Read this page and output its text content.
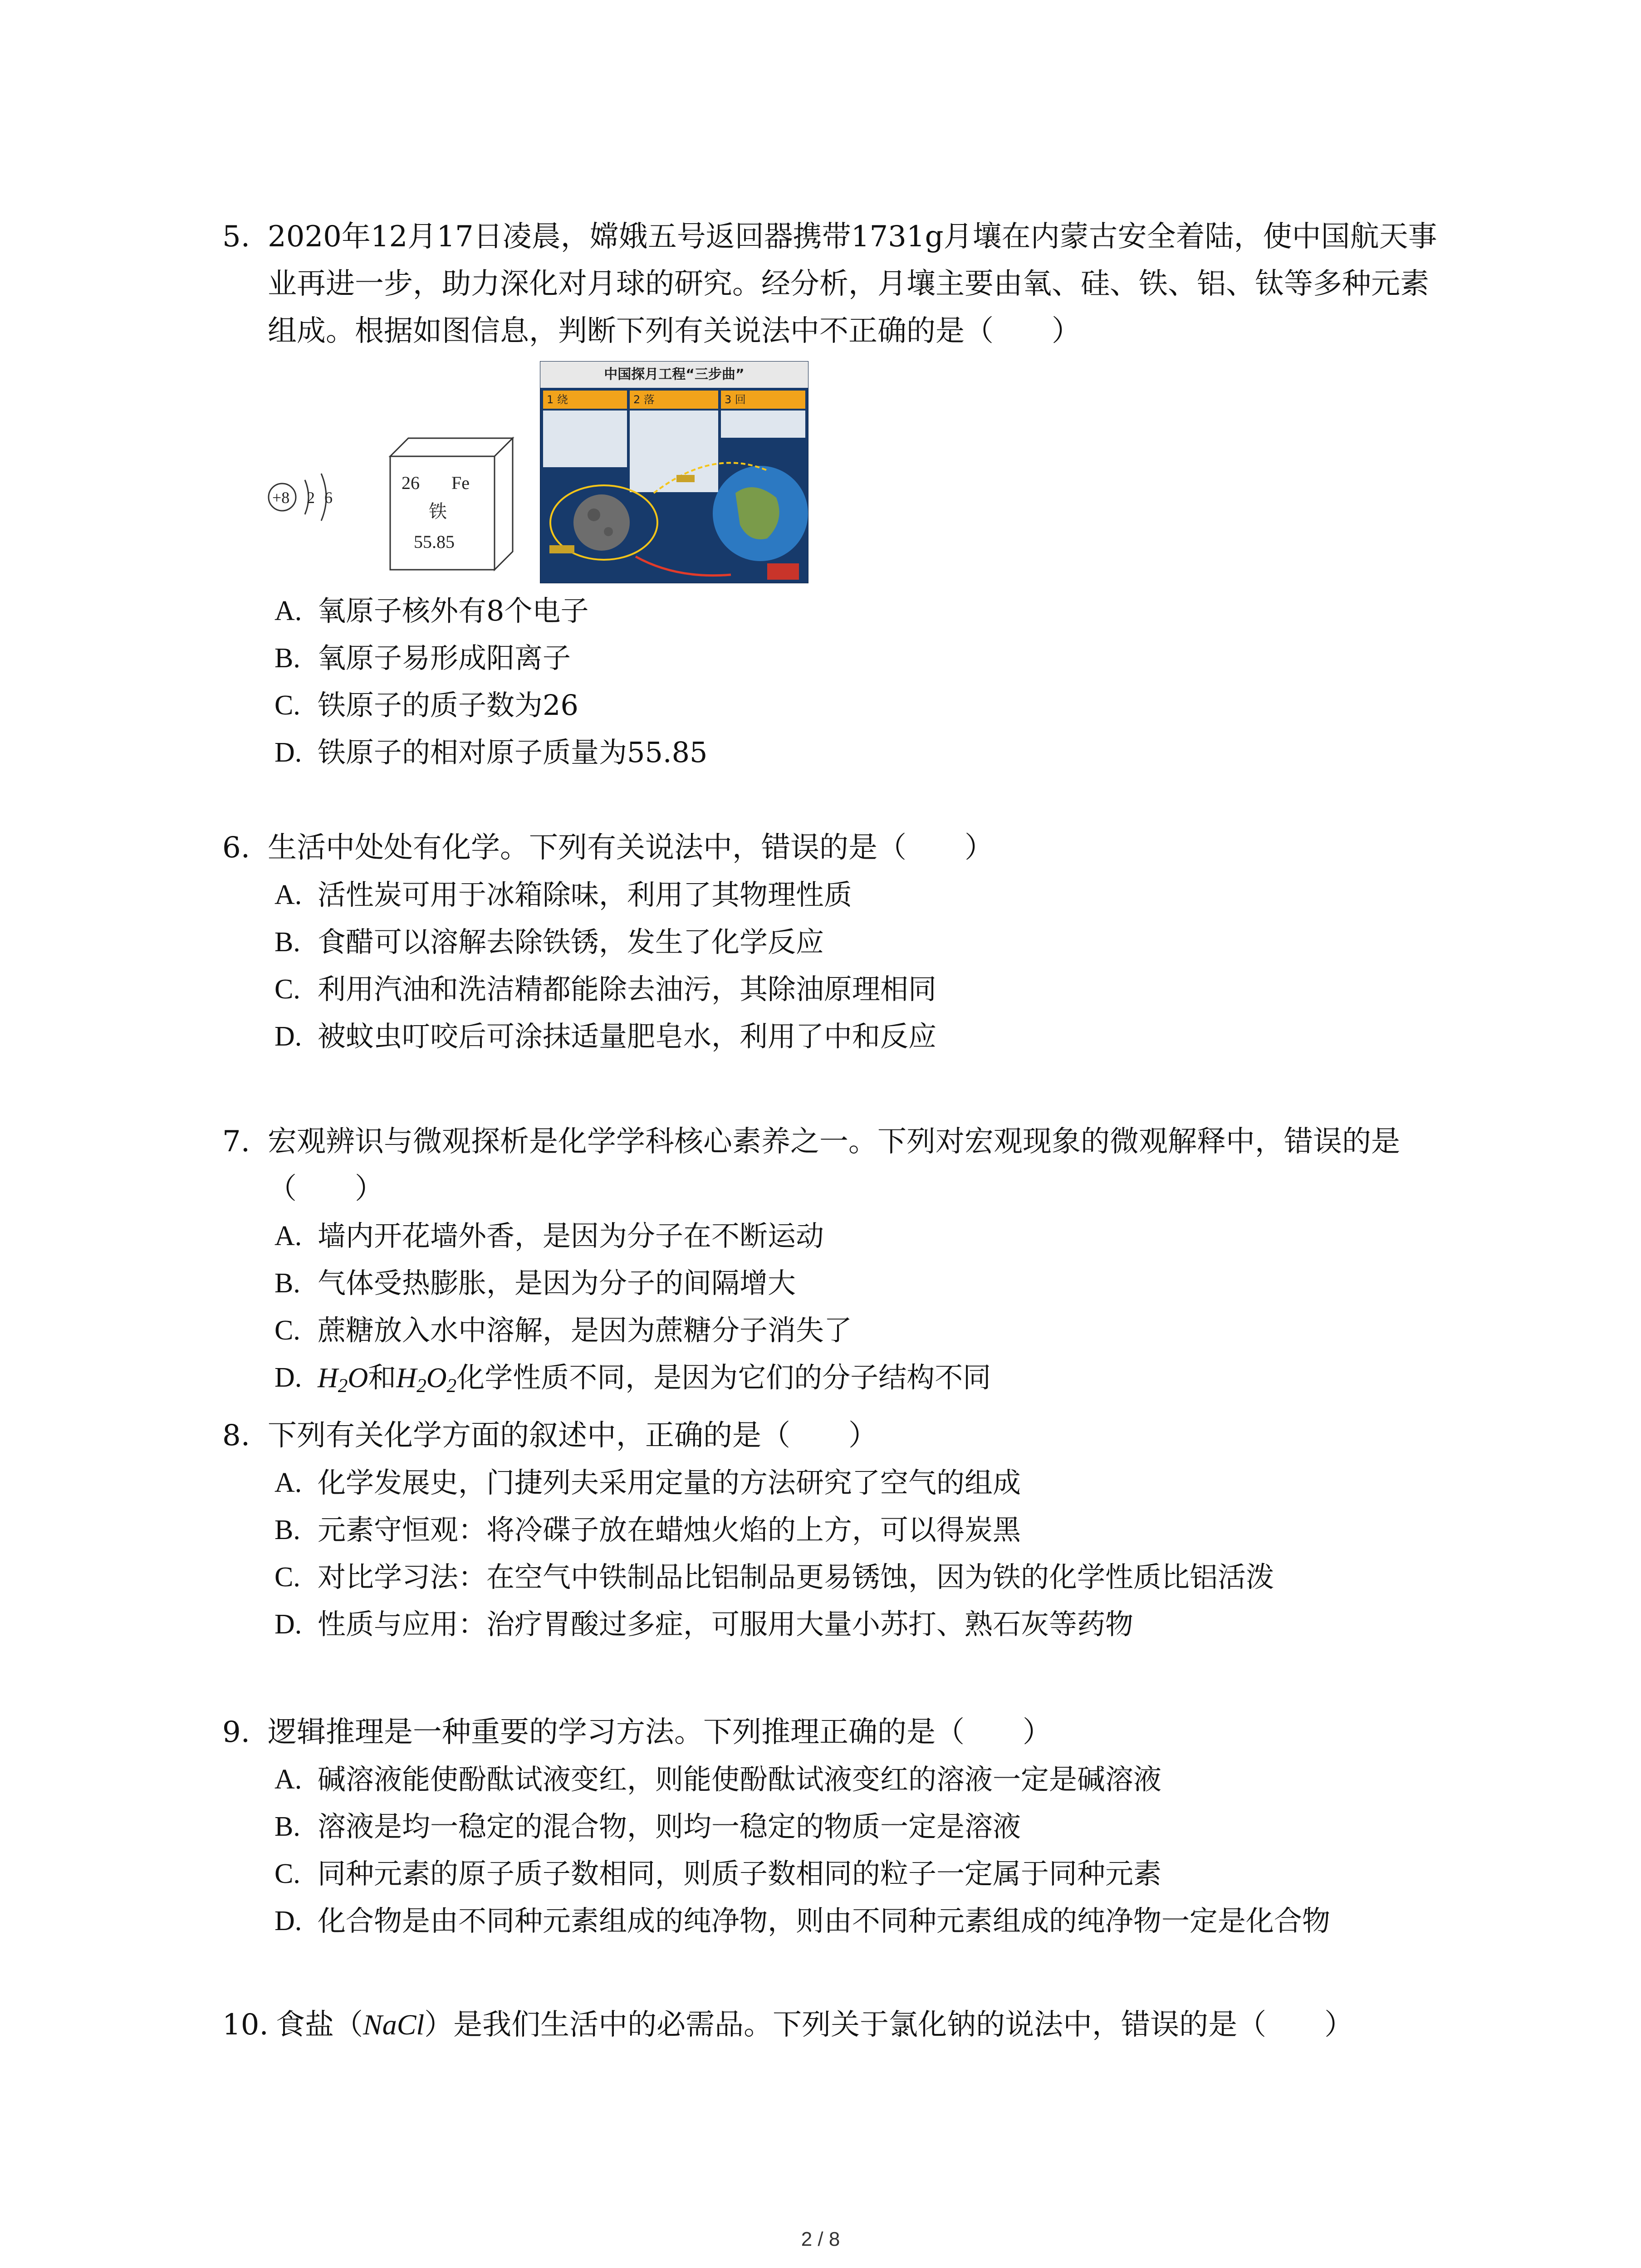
5. 2020年12月17日凌晨，嫦娥五号返回器携带1731g月壤在内蒙古安全着陆，使中国航天事业再进一步，助力深化对月球的研究。经分析，月壤主要由氧、硅、铁、铝、钛等多种元素组成。根据如图信息，判断下列有关说法中不正确的是（　　）
+8 2 6
26 Fe
铁
55.85
中国探月工程“三步曲”
1 绕	2 落	3 回
A. 氧原子核外有8个电子
B. 氧原子易形成阳离子
C. 铁原子的质子数为26
D. 铁原子的相对原子质量为55.85
6. 生活中处处有化学。下列有关说法中，错误的是（　　）
A. 活性炭可用于冰箱除味，利用了其物理性质
B. 食醋可以溶解去除铁锈，发生了化学反应
C. 利用汽油和洗洁精都能除去油污，其除油原理相同
D. 被蚊虫叮咬后可涂抹适量肥皂水，利用了中和反应
7. 宏观辨识与微观探析是化学学科核心素养之一。下列对宏观现象的微观解释中，错误的是（　　）
A. 墙内开花墙外香，是因为分子在不断运动
B. 气体受热膨胀，是因为分子的间隔增大
C. 蔗糖放入水中溶解，是因为蔗糖分子消失了
D. $H_2O$和$H_2O_2$化学性质不同，是因为它们的分子结构不同
8. 下列有关化学方面的叙述中，正确的是（　　）
A. 化学发展史，门捷列夫采用定量的方法研究了空气的组成
B. 元素守恒观：将冷碟子放在蜡烛火焰的上方，可以得炭黑
C. 对比学习法：在空气中铁制品比铝制品更易锈蚀，因为铁的化学性质比铝活泼
D. 性质与应用：治疗胃酸过多症，可服用大量小苏打、熟石灰等药物
9. 逻辑推理是一种重要的学习方法。下列推理正确的是（　　）
A. 碱溶液能使酚酞试液变红，则能使酚酞试液变红的溶液一定是碱溶液
B. 溶液是均一稳定的混合物，则均一稳定的物质一定是溶液
C. 同种元素的原子质子数相同，则质子数相同的粒子一定属于同种元素
D. 化合物是由不同种元素组成的纯净物，则由不同种元素组成的纯净物一定是化合物
10. 食盐（NaCl）是我们生活中的必需品。下列关于氯化钠的说法中，错误的是（　　）
2 / 8
